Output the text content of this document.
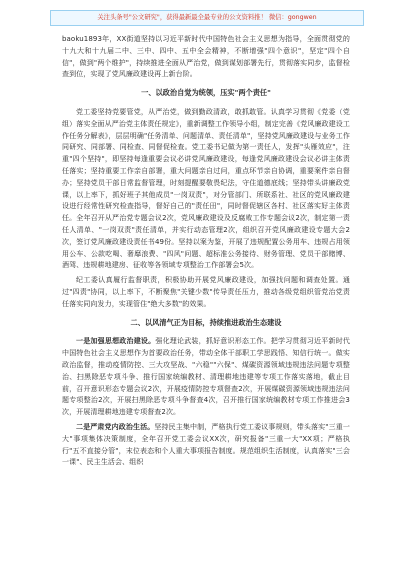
关注头条号"公文研究"，获得最新最全最专业的公文资料推！ 微信：gongwen

baoku1893年，XX街道坚持以习近平新时代中国特色社会主义思想为指导，全面贯彻党的十九大和十九届二中、三中、四中、五中全会精神，不断增强"四个意识"，坚定"四个自信"，做到"两个维护"，持续推进全面从严治党，做到谋划部署先行，贯彻落实同步，监督检查到位，实现了党风廉政建设再上新台阶。

一、以政治自觉为统领，压实"两个责任"

党工委坚持党要管党，从严治党，做到勤政清政，敢抓敢管。认真学习贯彻《党委（党组）落实全面从严治党主体责任规定》，重新调整工作领导小组，制定完善《党风廉政建设工作任务分解表》，层层明确"任务清单、问题清单、责任清单"，坚持党风廉政建设与业务工作同研究、同部署、同检查、同督促检查。党工委书记做为第一责任人，发挥"头雁效应"，注重"四个坚持"，即坚持每逢重要会议必讲党风廉政建设，每逢党风廉政建设会议必讲主体责任落实；坚持重要工作亲自部署，重大问题亲自过问，重点环节亲自协调，重要案件亲自督办；坚持党员干部日常监督管理，时刻提醒要敬畏纪法，守住道德底线；坚持带头讲廉政党课，以上率下，抓好班子其他成员"一岗双责"，对分管部门、所联系社、社区的党风廉政建设进行经常性研究检查指导，督好自己的"责任田"，同时督促辖区各村、社区落实好主体责任。全年召开从严治党专题会议2次，党风廉政建设及反腐败工作专题会议2次，制定第一责任人清单、"一岗双责"责任清单，并实行动态管理2次，组织召开党风廉政建设专题大会2次，签订党风廉政建设责任书49份。坚持以案为鉴，开展了违规配置公务用车、违规占用领用公车、公款吃喝、奢靡浪费、"四风"问题、超标准公务接待、财务管理、党员干部赌博、酒驾、违规耕地建房、征收等各领域专项整治工作部署会5次。

纪工委认真履行监督职责，积极协助开展党风廉政建设，加强找问题和调查处置。通过"四责"协同，以上率下，不断聚焦"关键少数"传导责任压力，推动各级党组织管党治党责任落实同向发力，实现管住"绝大多数"的效果。

二、以风清气正为目标，持续推进政治生态建设

一是加强思想政治建设。强化理论武装，抓好意识形态工作。把学习贯彻习近平新时代中国特色社会主义思想作为首要政治任务，带动全体干部职工学思践悟、知信行统一。做实政治监督，推动疫情防控、三大攻坚战、"六稳""六保"、煤碳资源领域违规违法问题专项整治、扫黑除恶专项斗争、推行国家统编教材、清理耕地违建等专项工作落实落地，截止目前，召开意识形态专题会议2次，开展疫情防控专项督查2次，开展煤碳资源领域违规违法问题专项整治2次，开展扫黑除恶专项斗争督查4次，召开推行国家统编教材专项工作推进会3次，开展清理耕地违建专项督查2次。

二是严肃党内政治生活。坚持民主集中制，严格执行党工委议事规则，带头落实"三重一大"事项集体决策制度，全年召开党工委会议XX次，研究报备"三重一大"XX项；严格执行"五不直接分管"，末位表态和个人重大事项报告制度。规范组织生活制度，认真落实"三会一课"、民主生活会、组织
